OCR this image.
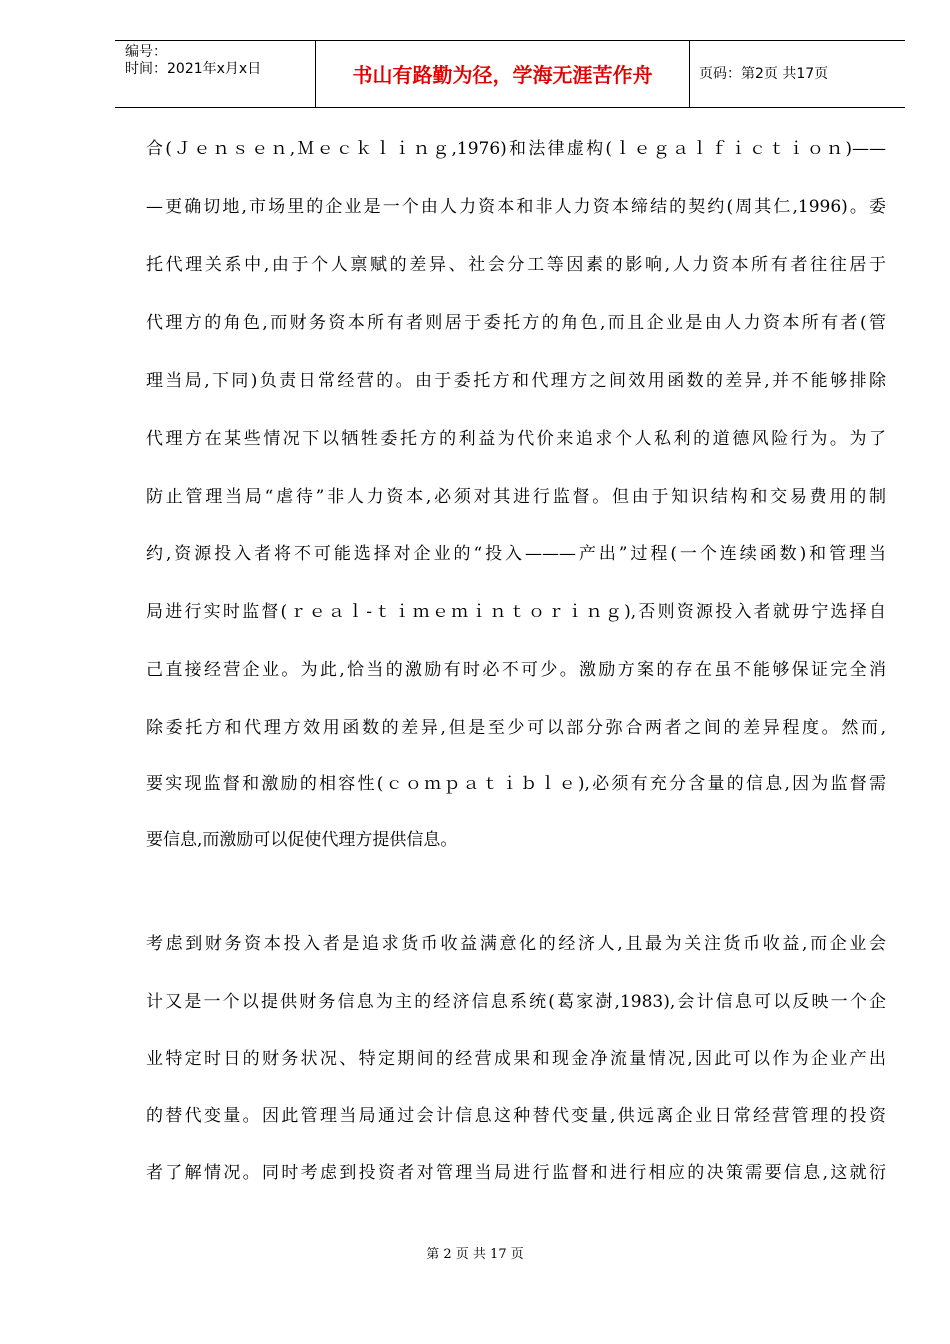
编号：
时间：2021年x月x日	书山有路勤为径，学海无涯苦作舟	页码：第2页 共17页
合(Ｊｅｎｓｅｎ,Ｍｅｃｋｌｉｎｇ,1976)和法律虚构(ｌｅｇａｌｆｉｃｔｉｏｎ)——
—更确切地,市场里的企业是一个由人力资本和非人力资本缔结的契约(周其仁,1996)。委
托代理关系中,由于个人禀赋的差异、社会分工等因素的影响,人力资本所有者往往居于
代理方的角色,而财务资本所有者则居于委托方的角色,而且企业是由人力资本所有者(管
理当局,下同)负责日常经营的。由于委托方和代理方之间效用函数的差异,并不能够排除
代理方在某些情况下以牺牲委托方的利益为代价来追求个人私利的道德风险行为。为了
防止管理当局“虐待”非人力资本,必须对其进行监督。但由于知识结构和交易费用的制
约,资源投入者将不可能选择对企业的“投入———产出”过程(一个连续函数)和管理当
局进行实时监督(ｒｅａｌ-ｔｉｍｅｍｉｎｔｏｒｉｎｇ),否则资源投入者就毋宁选择自
己直接经营企业。为此,恰当的激励有时必不可少。激励方案的存在虽不能够保证完全消
除委托方和代理方效用函数的差异,但是至少可以部分弥合两者之间的差异程度。然而,
要实现监督和激励的相容性(ｃｏｍｐａｔｉｂｌｅ),必须有充分含量的信息,因为监督需
要信息,而激励可以促使代理方提供信息。
考虑到财务资本投入者是追求货币收益满意化的经济人,且最为关注货币收益,而企业会
计又是一个以提供财务信息为主的经济信息系统(葛家澍,1983),会计信息可以反映一个企
业特定时日的财务状况、特定期间的经营成果和现金净流量情况,因此可以作为企业产出
的替代变量。因此管理当局通过会计信息这种替代变量,供远离企业日常经营管理的投资
者了解情况。同时考虑到投资者对管理当局进行监督和进行相应的决策需要信息,这就衍
第 2 页 共 17 页
